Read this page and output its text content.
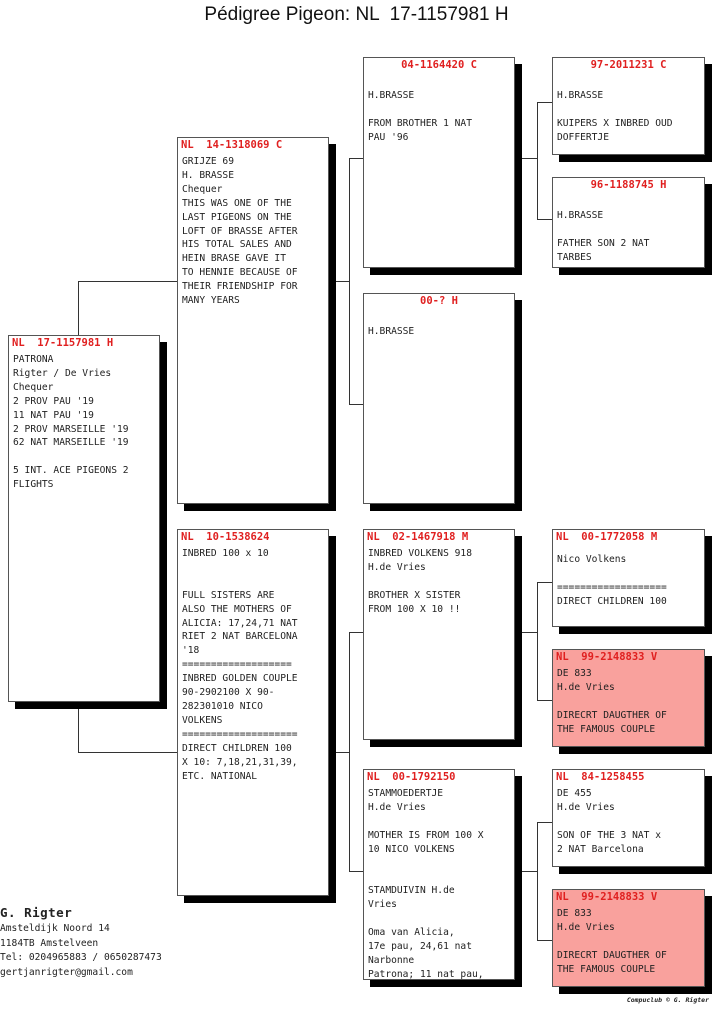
Pédigree Pigeon: NL  17-1157981 H
NL  17-1157981 H
PATRONA
Rigter / De Vries
Chequer
2 PROV PAU '19
11 NAT PAU '19
2 PROV MARSEILLE '19
62 NAT MARSEILLE '19

5 INT. ACE PIGEONS 2
FLIGHTS
NL  14-1318069 C
GRIJZE 69
H. BRASSE
Chequer
THIS WAS ONE OF THE
LAST PIGEONS ON THE
LOFT OF BRASSE AFTER
HIS TOTAL SALES AND
HEIN BRASE GAVE IT
TO HENNIE BECAUSE OF
THEIR FRIENDSHIP FOR
MANY YEARS
NL  10-1538624
INBRED 100 x 10

FULL SISTERS ARE
ALSO THE MOTHERS OF
ALICIA: 17,24,71 NAT
RIET 2 NAT BARCELONA
'18
===================
INBRED GOLDEN COUPLE
90-2902100 X 90-
282301010 NICO
VOLKENS
====================
DIRECT CHILDREN 100
X 10: 7,18,21,31,39,
ETC. NATIONAL
04-1164420 C
H.BRASSE

FROM BROTHER 1 NAT
PAU '96
00-? H
H.BRASSE
NL  02-1467918 M
INBRED VOLKENS 918
H.de Vries

BROTHER X SISTER
FROM 100 X 10 !!
NL  00-1792150
STAMMOEDERTJE
H.de Vries

MOTHER IS FROM 100 X
10 NICO VOLKENS

STAMDUIVIN H.de
Vries

Oma van Alicia,
17e pau, 24,61 nat
Narbonne
Patrona; 11 nat pau,
97-2011231 C
H.BRASSE

KUIPERS X INBRED OUD
DOFFERTJE
96-1188745 H
H.BRASSE

FATHER SON 2 NAT
TARBES
NL  00-1772058 M
Nico Volkens

===================
DIRECT CHILDREN 100
NL  99-2148833 V
DE 833
H.de Vries

DIRECRT DAUGTHER OF
THE FAMOUS COUPLE
NL  84-1258455
DE 455
H.de Vries

SON OF THE 3 NAT x
2 NAT Barcelona
NL  99-2148833 V
DE 833
H.de Vries

DIRECRT DAUGTHER OF
THE FAMOUS COUPLE
G. Rigter
Amsteldijk Noord 14
1184TB Amstelveen
Tel: 0204965883 / 0650287473
gertjanrigter@gmail.com
Compuclub © G. Rigter
